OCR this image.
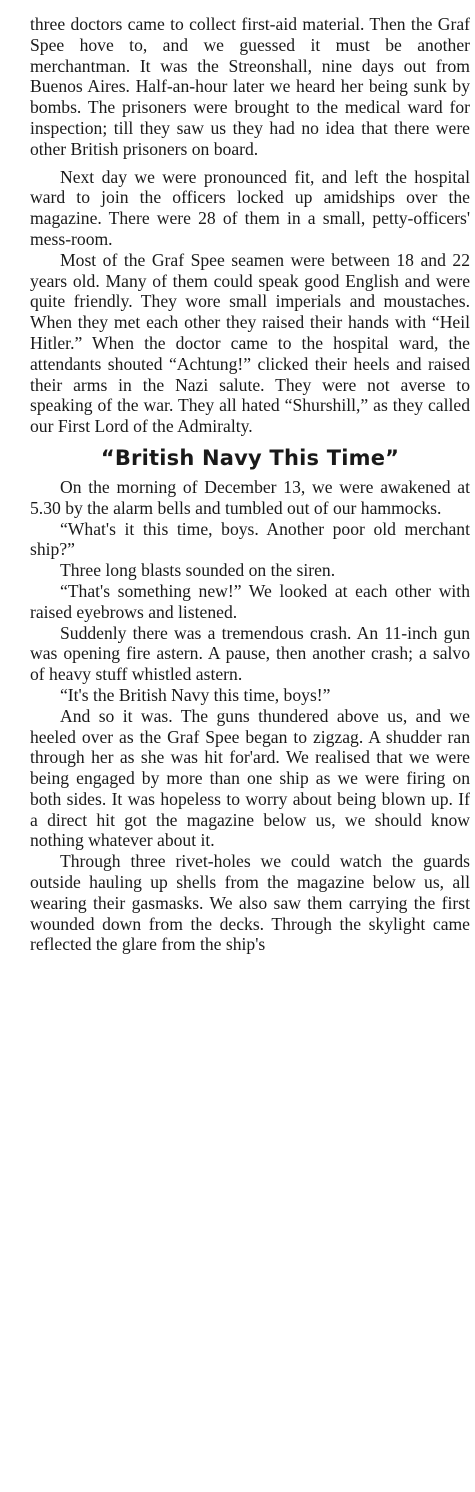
three doctors came to collect first-aid material. Then the Graf Spee hove to, and we guessed it must be another merchantman. It was the Streonshall, nine days out from Buenos Aires. Half-an-hour later we heard her being sunk by bombs. The prisoners were brought to the medical ward for inspection; till they saw us they had no idea that there were other British prisoners on board.

Next day we were pronounced fit, and left the hospital ward to join the officers locked up amidships over the magazine. There were 28 of them in a small, petty-officers' mess-room.

Most of the Graf Spee seamen were between 18 and 22 years old. Many of them could speak good English and were quite friendly. They wore small imperials and moustaches. When they met each other they raised their hands with “Heil Hitler.” When the doctor came to the hospital ward, the attendants shouted “Achtung!” clicked their heels and raised their arms in the Nazi salute. They were not averse to speaking of the war. They all hated “Shurshill,” as they called our First Lord of the Admiralty.

“British Navy This Time”

On the morning of December 13, we were awakened at 5.30 by the alarm bells and tumbled out of our hammocks.

“What's it this time, boys. Another poor old merchant ship?”

Three long blasts sounded on the siren.

“That's something new!” We looked at each other with raised eyebrows and listened.

Suddenly there was a tremendous crash. An 11-inch gun was opening fire astern. A pause, then another crash; a salvo of heavy stuff whistled astern.

“It's the British Navy this time, boys!”

And so it was. The guns thundered above us, and we heeled over as the Graf Spee began to zigzag. A shudder ran through her as she was hit for'ard. We realised that we were being engaged by more than one ship as we were firing on both sides. It was hopeless to worry about being blown up. If a direct hit got the magazine below us, we should know nothing whatever about it.

Through three rivet-holes we could watch the guards outside hauling up shells from the magazine below us, all wearing their gasmasks. We also saw them carrying the first wounded down from the decks. Through the skylight came reflected the glare from the ship's
